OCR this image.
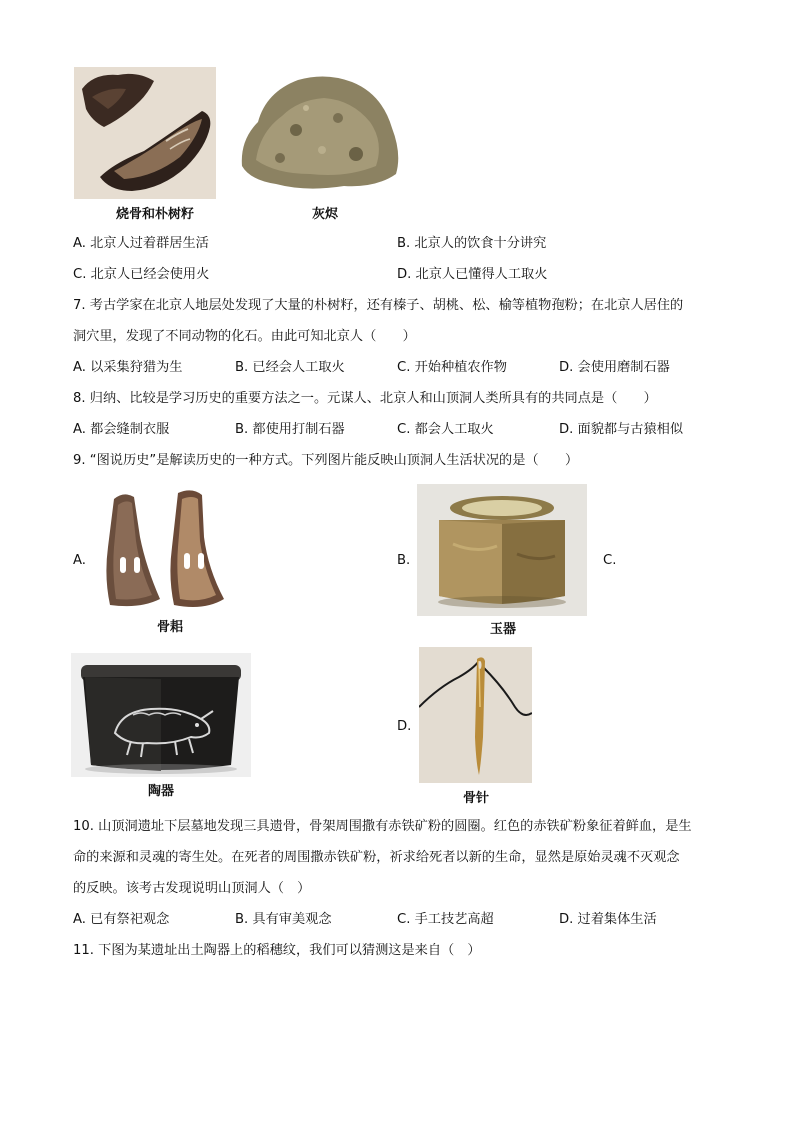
烧骨和朴树籽	灰烬
A. 北京人过着群居生活	B. 北京人的饮食十分讲究
C. 北京人已经会使用火	D. 北京人已懂得人工取火
7. 考古学家在北京人地层处发现了大量的朴树籽，还有榛子、胡桃、松、榆等植物孢粉；在北京人居住的
洞穴里，发现了不同动物的化石。由此可知北京人（　　）
A. 以采集狩猎为生	B. 已经会人工取火	C. 开始种植农作物	D. 会使用磨制石器
8. 归纳、比较是学习历史的重要方法之一。元谋人、北京人和山顶洞人类所具有的共同点是（　　）
A. 都会缝制衣服	B. 都使用打制石器	C. 都会人工取火	D. 面貌都与古猿相似
9. “图说历史”是解读历史的一种方式。下列图片能反映山顶洞人生活状况的是（　　）
A.
骨耜
B.
玉器
C.
陶器
D.
骨针
10. 山顶洞遗址下层墓地发现三具遗骨，骨架周围撒有赤铁矿粉的圆圈。红色的赤铁矿粉象征着鲜血，是生
命的来源和灵魂的寄生处。在死者的周围撒赤铁矿粉，祈求给死者以新的生命，显然是原始灵魂不灭观念
的反映。该考古发现说明山顶洞人（　）
A. 已有祭祀观念	B. 具有审美观念	C. 手工技艺高超	D. 过着集体生活
11. 下图为某遗址出土陶器上的稻穗纹，我们可以猜测这是来自（　）
